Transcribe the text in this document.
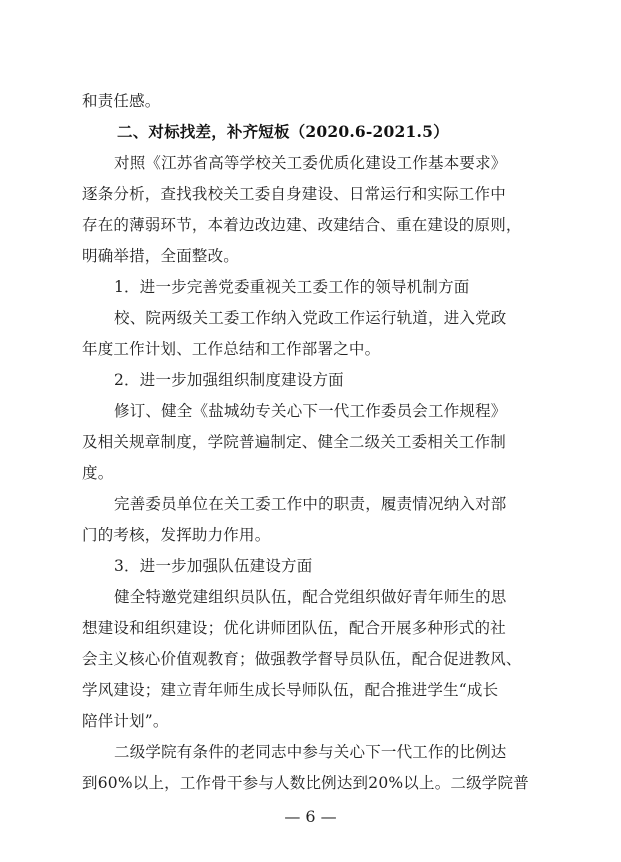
和责任感。
二、对标找差，补齐短板（2020.6-2021.5）
对照《江苏省高等学校关工委优质化建设工作基本要求》
逐条分析，查找我校关工委自身建设、日常运行和实际工作中
存在的薄弱环节，本着边改边建、改建结合、重在建设的原则，
明确举措，全面整改。
1．进一步完善党委重视关工委工作的领导机制方面
校、院两级关工委工作纳入党政工作运行轨道，进入党政
年度工作计划、工作总结和工作部署之中。
2．进一步加强组织制度建设方面
修订、健全《盐城幼专关心下一代工作委员会工作规程》
及相关规章制度，学院普遍制定、健全二级关工委相关工作制
度。
完善委员单位在关工委工作中的职责，履责情况纳入对部
门的考核，发挥助力作用。
3．进一步加强队伍建设方面
健全特邀党建组织员队伍，配合党组织做好青年师生的思
想建设和组织建设；优化讲师团队伍，配合开展多种形式的社
会主义核心价值观教育；做强教学督导员队伍，配合促进教风、
学风建设；建立青年师生成长导师队伍，配合推进学生“成长
陪伴计划”。
二级学院有条件的老同志中参与关心下一代工作的比例达
到60%以上，工作骨干参与人数比例达到20%以上。二级学院普
— 6 —
